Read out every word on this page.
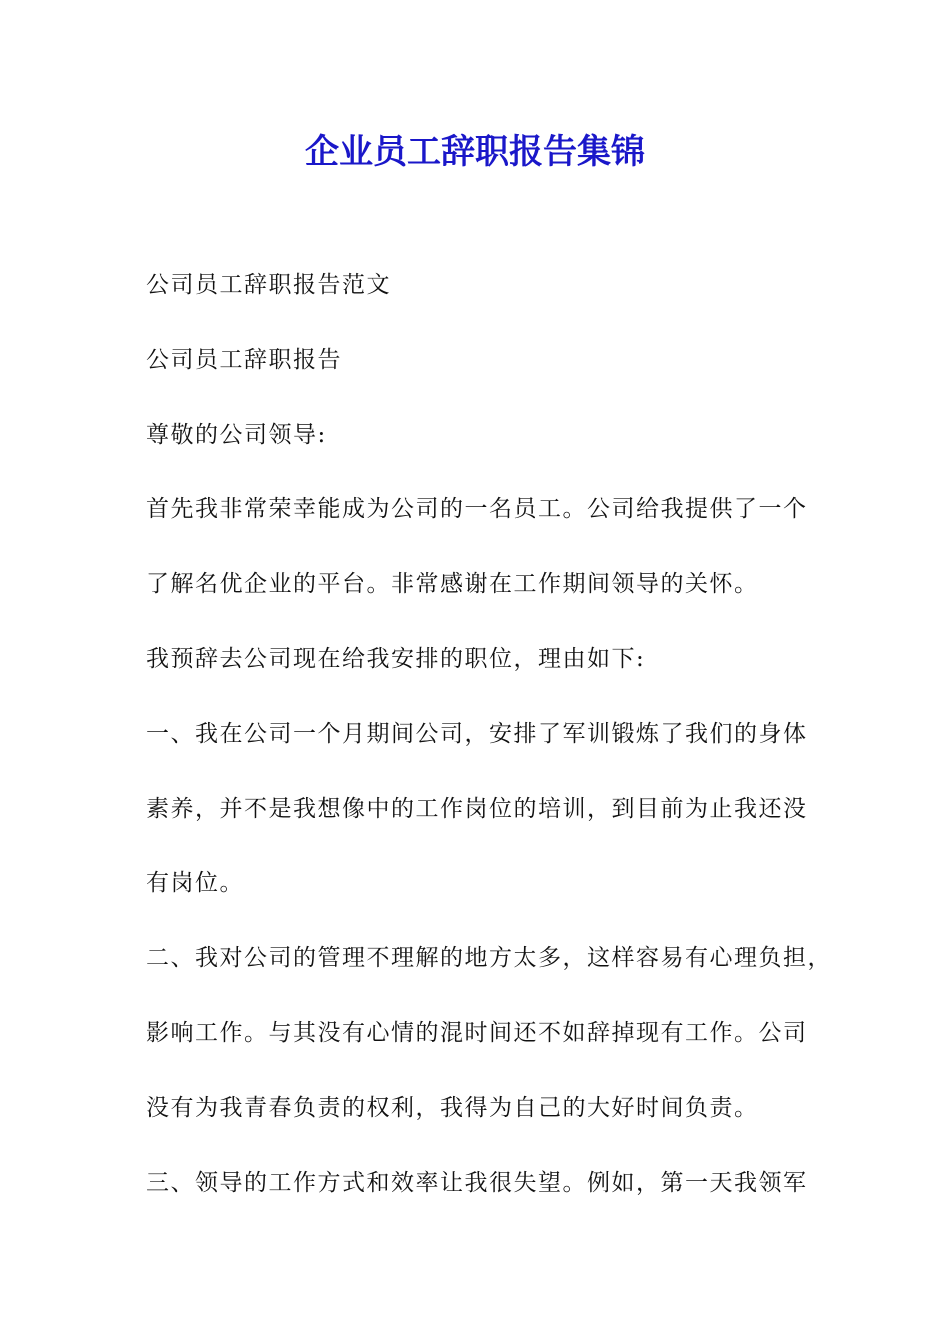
企业员工辞职报告集锦

公司员工辞职报告范文

公司员工辞职报告

尊敬的公司领导:

首先我非常荣幸能成为公司的一名员工。公司给我提供了一个

了解名优企业的平台。非常感谢在工作期间领导的关怀。

我预辞去公司现在给我安排的职位，理由如下:

一、我在公司一个月期间公司，安排了军训锻炼了我们的身体

素养，并不是我想像中的工作岗位的培训，到目前为止我还没

有岗位。

二、我对公司的管理不理解的地方太多，这样容易有心理负担，

影响工作。与其没有心情的混时间还不如辞掉现有工作。公司

没有为我青春负责的权利，我得为自己的大好时间负责。

三、领导的工作方式和效率让我很失望。例如，第一天我领军
